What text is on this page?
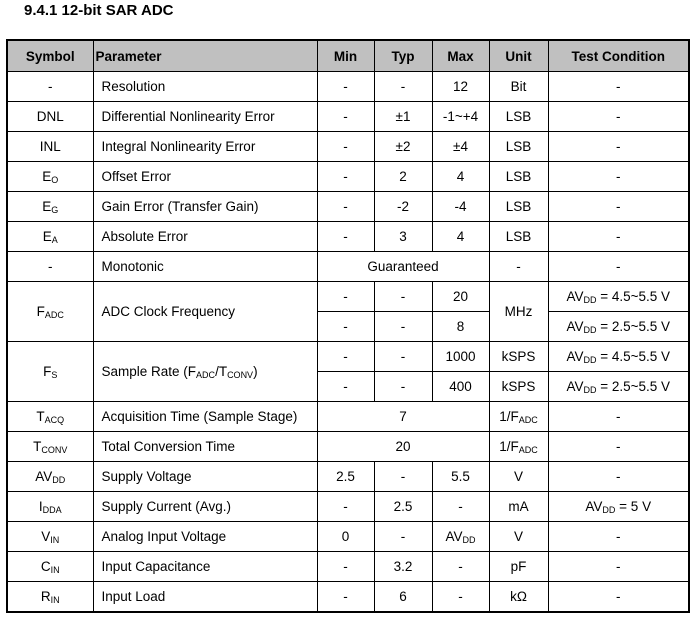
9.4.1 12-bit SAR ADC
Symbol	Parameter	Min	Typ	Max	Unit	Test Condition
-	Resolution	-	-	12	Bit	-
DNL	Differential Nonlinearity Error	-	±1	-1~+4	LSB	-
INL	Integral Nonlinearity Error	-	±2	±4	LSB	-
$E_O$	Offset Error	-	2	4	LSB	-
$E_G$	Gain Error (Transfer Gain)	-	-2	-4	LSB	-
$E_A$	Absolute Error	-	3	4	LSB	-
-	Monotonic	Guaranteed			-	-
$F_{ADC}$	ADC Clock Frequency	-	-	20	MHz	$AV_{DD}$ = 4.5~5.5 V
		-	-	8		$AV_{DD}$ = 2.5~5.5 V
$F_S$	Sample Rate $(F_{ADC}/T_{CONV})$	-	-	1000	kSPS	$AV_{DD}$ = 4.5~5.5 V
		-	-	400	kSPS	$AV_{DD}$ = 2.5~5.5 V
$T_{ACQ}$	Acquisition Time (Sample Stage)	7			$1/F_{ADC}$	-
$T_{CONV}$	Total Conversion Time	20			$1/F_{ADC}$	-
$AV_{DD}$	Supply Voltage	2.5	-	5.5	V	-
$I_{DDA}$	Supply Current (Avg.)	-	2.5	-	mA	$AV_{DD} = 5$ V
$V_{IN}$	Analog Input Voltage	0	-	$AV_{DD}$	V	-
$C_{IN}$	Input Capacitance	-	3.2	-	pF	-
$R_{IN}$	Input Load	-	6	-	kΩ	-
